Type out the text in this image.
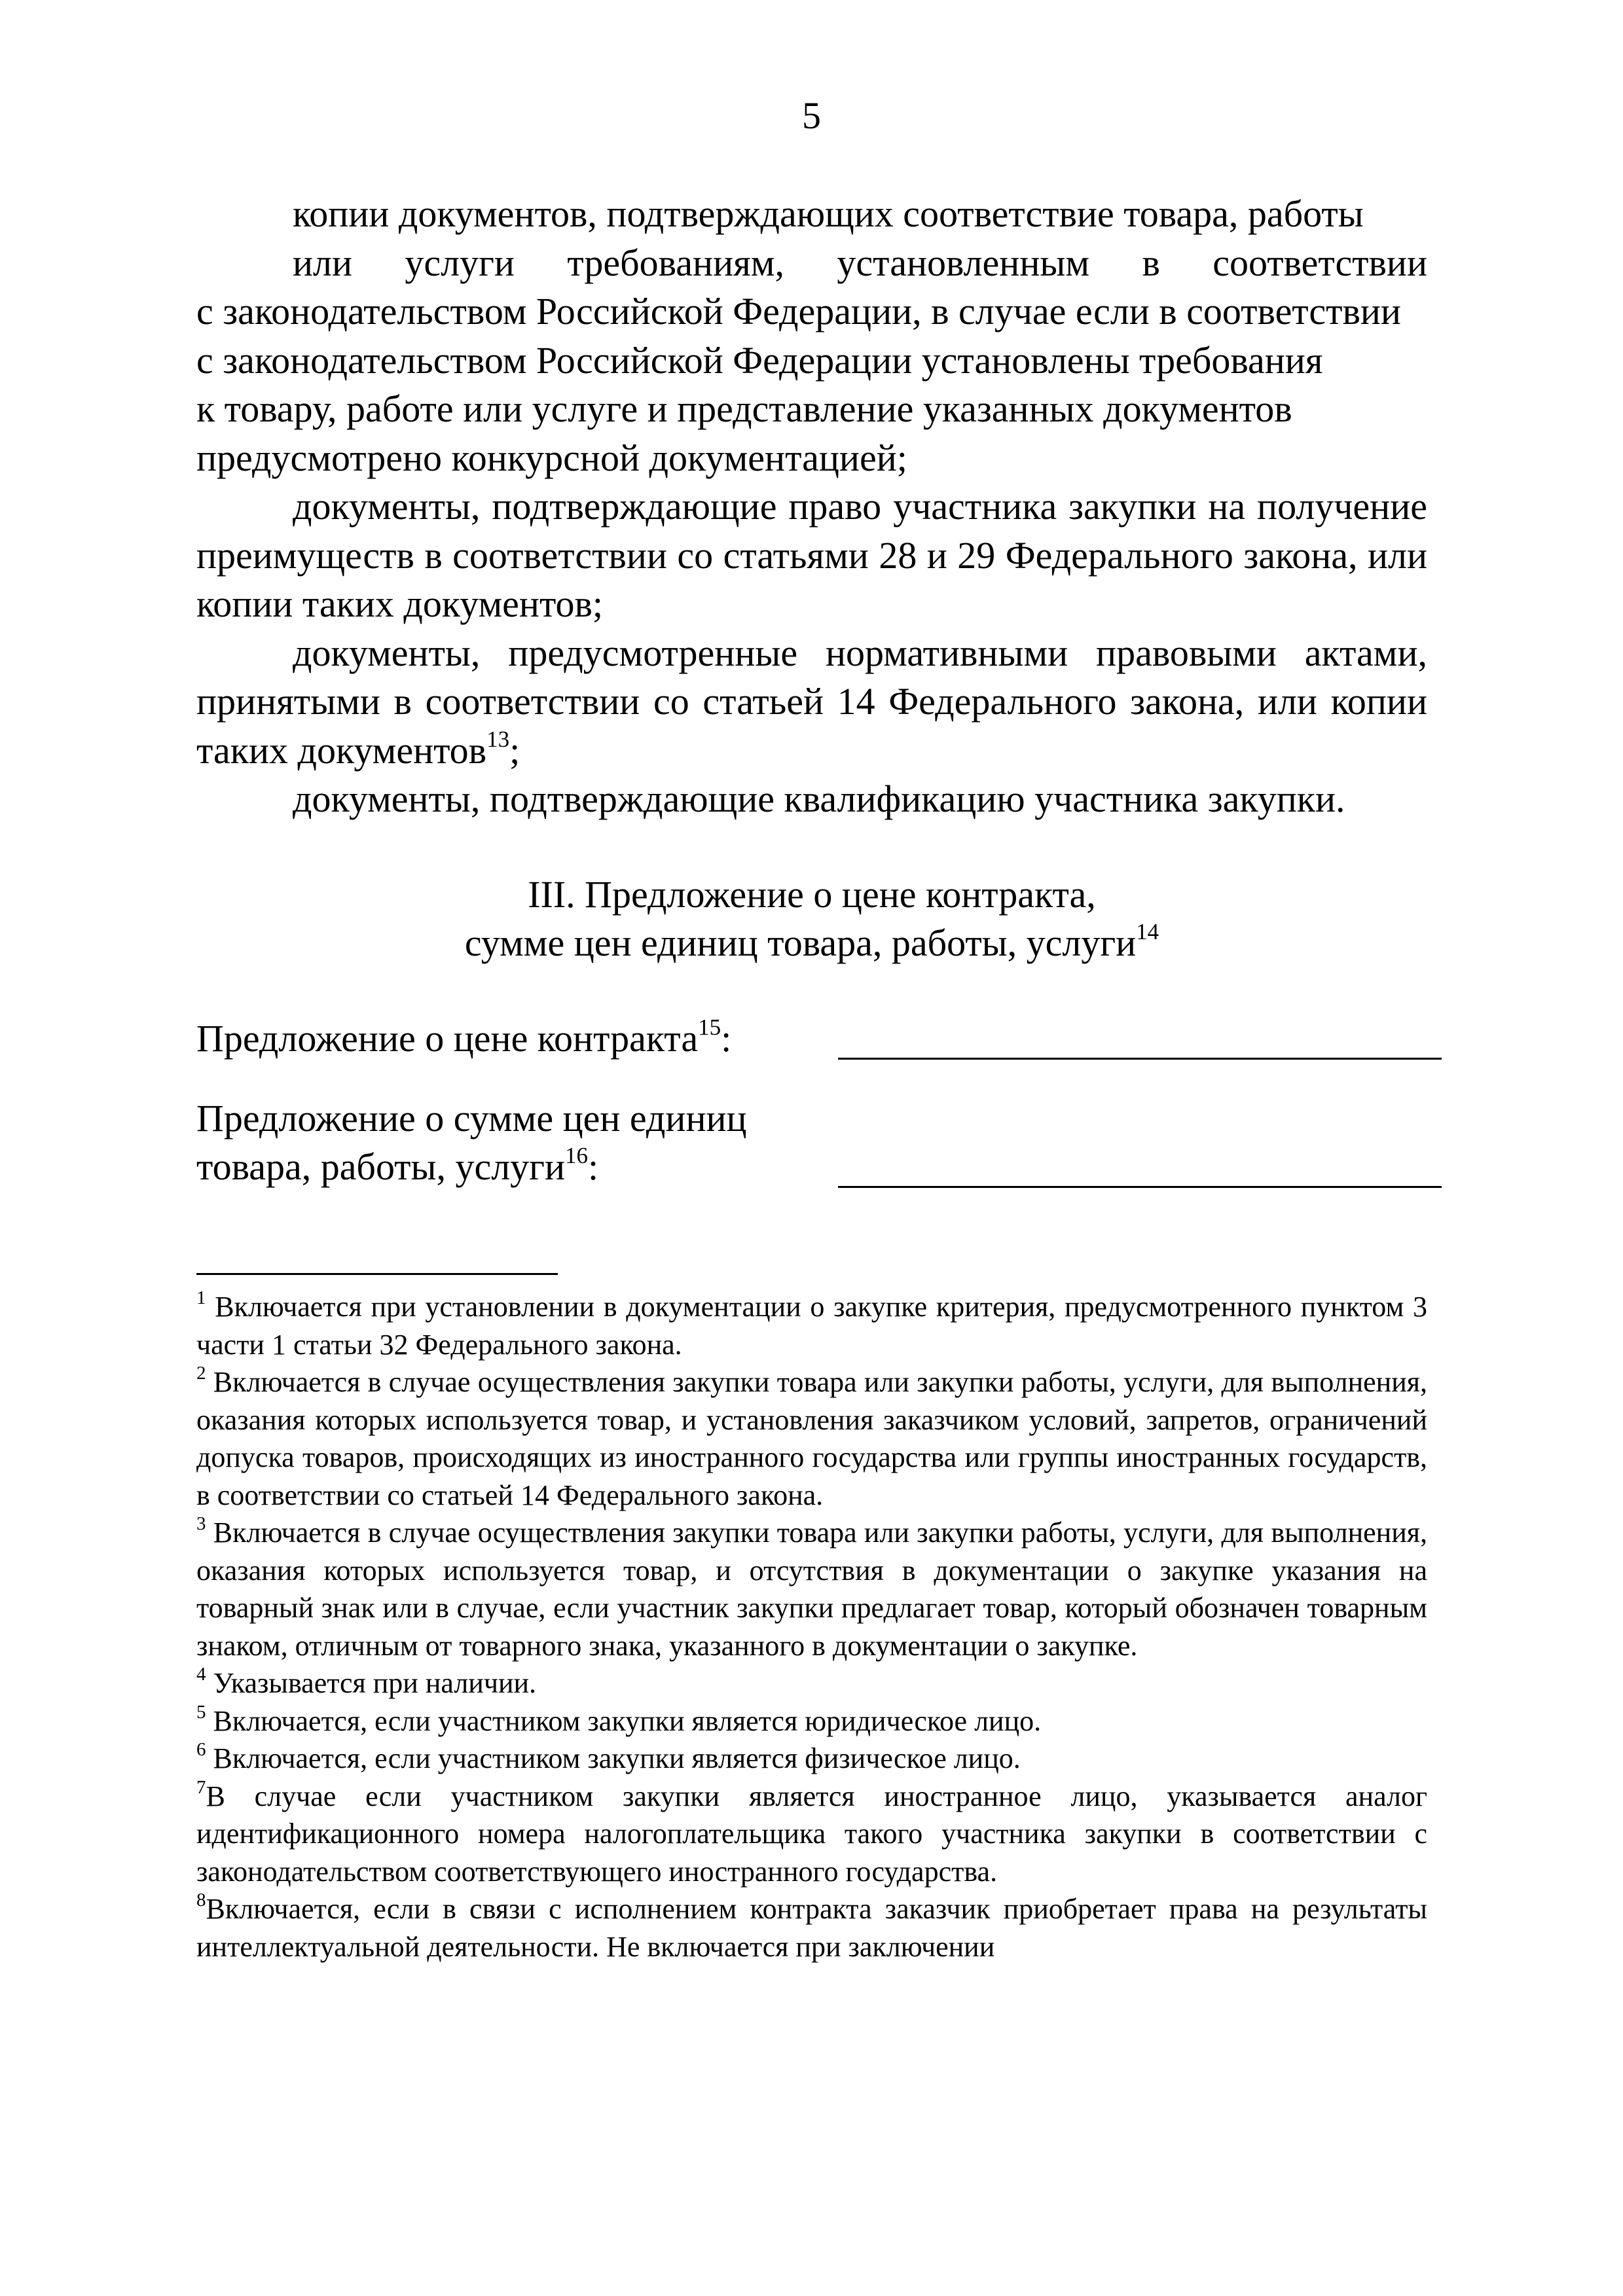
5

копии документов, подтверждающих соответствие товара, работы
или услуги требованиям, установленным в соответствии
с законодательством Российской Федерации, в случае если в соответствии
с законодательством Российской Федерации установлены требования
к товару, работе или услуге и представление указанных документов
предусмотрено конкурсной документацией;

документы, подтверждающие право участника закупки на получение преимуществ в соответствии со статьями 28 и 29 Федерального закона, или копии таких документов;

документы, предусмотренные нормативными правовыми актами, принятыми в соответствии со статьей 14 Федерального закона, или копии таких документов$^{13}$;

документы, подтверждающие квалификацию участника закупки.

III. Предложение о цене контракта,
сумме цен единиц товара, работы, услуги$^{14}$
Предложение о цене контракта$^{15}$:
Предложение о сумме цен единиц
товара, работы, услуги$^{16}$:

$^1$ Включается при установлении в документации о закупке критерия, предусмотренного пунктом 3 части 1 статьи 32 Федерального закона.

$^2$ Включается в случае осуществления закупки товара или закупки работы, услуги, для выполнения, оказания которых используется товар, и установления заказчиком условий, запретов, ограничений допуска товаров, происходящих из иностранного государства или группы иностранных государств, в соответствии со статьей 14 Федерального закона.

$^3$ Включается в случае осуществления закупки товара или закупки работы, услуги, для выполнения, оказания которых используется товар, и отсутствия в документации о закупке указания на товарный знак или в случае, если участник закупки предлагает товар, который обозначен товарным знаком, отличным от товарного знака, указанного в документации о закупке.

$^4$ Указывается при наличии.

$^5$ Включается, если участником закупки является юридическое лицо.

$^6$ Включается, если участником закупки является физическое лицо.

$^7$В случае если участником закупки является иностранное лицо, указывается аналог идентификационного номера налогоплательщика такого участника закупки в соответствии с законодательством соответствующего иностранного государства.

$^8$Включается, если в связи с исполнением контракта заказчик приобретает права на результаты интеллектуальной деятельности. Не включается при заключении
